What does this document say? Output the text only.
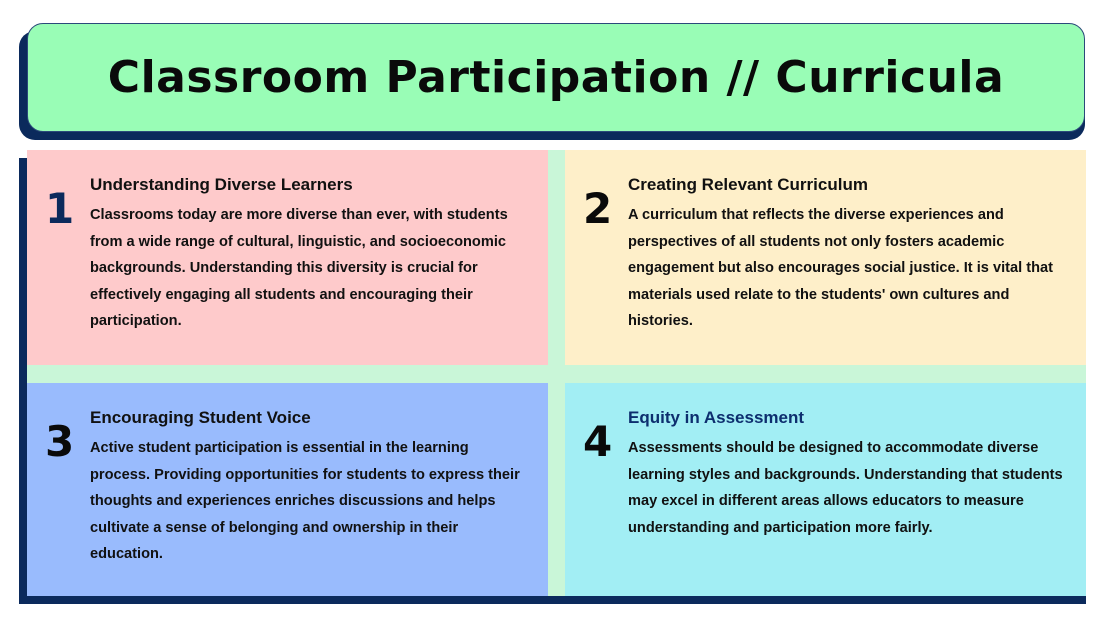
Classroom Participation // Curricula
1 Understanding Diverse Learners
Classrooms today are more diverse than ever, with students from a wide range of cultural, linguistic, and socioeconomic backgrounds. Understanding this diversity is crucial for effectively engaging all students and encouraging their participation.
2 Creating Relevant Curriculum
A curriculum that reflects the diverse experiences and perspectives of all students not only fosters academic engagement but also encourages social justice. It is vital that materials used relate to the students' own cultures and histories.
3 Encouraging Student Voice
Active student participation is essential in the learning process. Providing opportunities for students to express their thoughts and experiences enriches discussions and helps cultivate a sense of belonging and ownership in their education.
4 Equity in Assessment
Assessments should be designed to accommodate diverse learning styles and backgrounds. Understanding that students may excel in different areas allows educators to measure understanding and participation more fairly.
